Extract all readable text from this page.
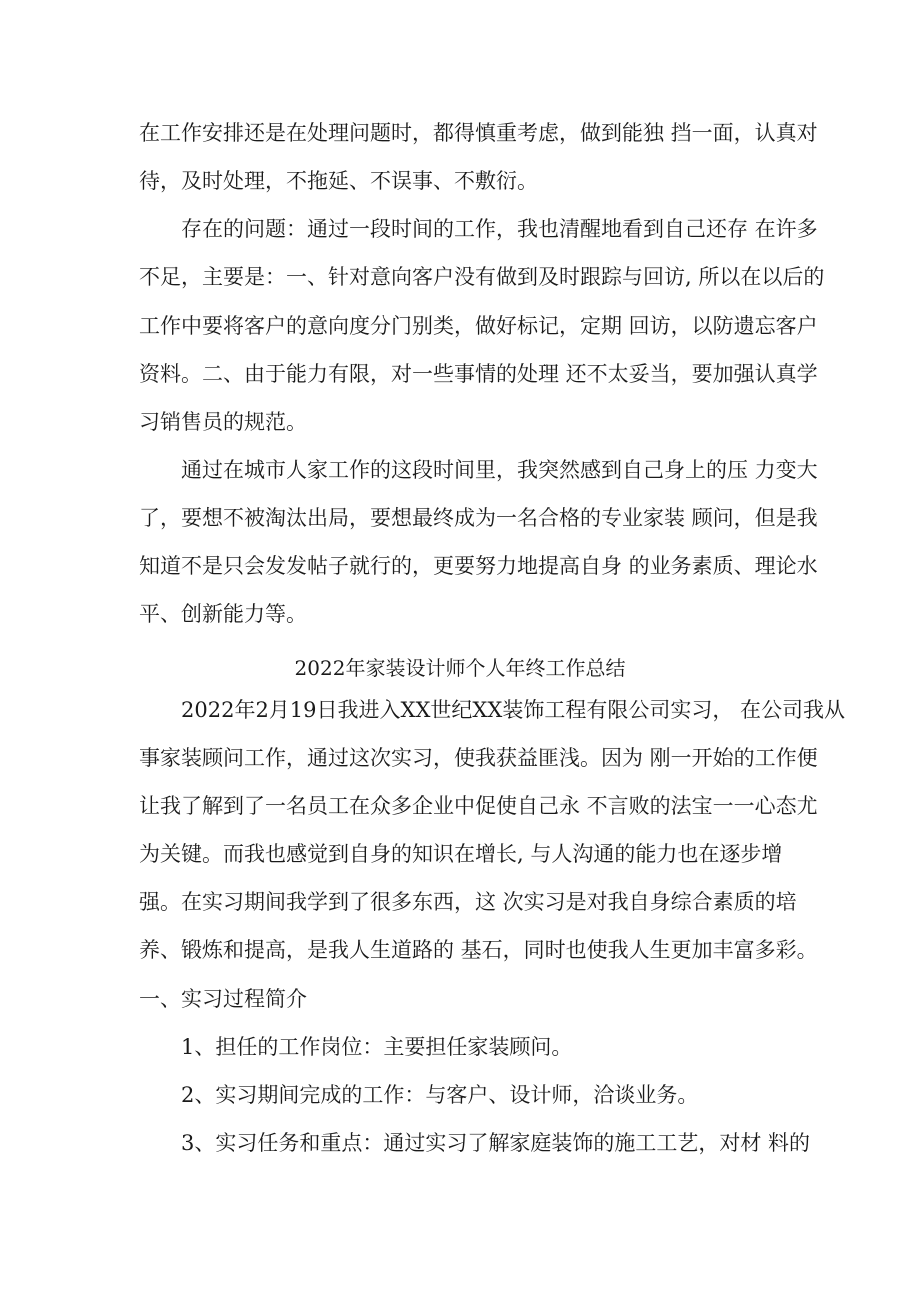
在工作安排还是在处理问题时，都得慎重考虑，做到能独 挡一面，认真对
待，及时处理，不拖延、不误事、不敷衍。
存在的问题：通过一段时间的工作，我也清醒地看到自己还存 在许多
不足，主要是：一、针对意向客户没有做到及时跟踪与回访, 所以在以后的
工作中要将客户的意向度分门别类，做好标记，定期 回访，以防遗忘客户
资料。二、由于能力有限，对一些事情的处理 还不太妥当，要加强认真学
习销售员的规范。
通过在城市人家工作的这段时间里，我突然感到自己身上的压 力变大
了，要想不被淘汰出局，要想最终成为一名合格的专业家装 顾问，但是我
知道不是只会发发帖子就行的，更要努力地提高自身 的业务素质、理论水
平、创新能力等。
2022年家装设计师个人年终工作总结
2022年2月19日我进入XX世纪XX装饰工程有限公司实习， 在公司我从
事家装顾问工作，通过这次实习，使我获益匪浅。因为 刚一开始的工作便
让我了解到了一名员工在众多企业中促使自己永 不言败的法宝一一心态尤
为关键。而我也感觉到自身的知识在增长, 与人沟通的能力也在逐步增
强。在实习期间我学到了很多东西，这 次实习是对我自身综合素质的培
养、锻炼和提高，是我人生道路的 基石，同时也使我人生更加丰富多彩。
一、实习过程简介
1、担任的工作岗位：主要担任家装顾问。
2、实习期间完成的工作：与客户、设计师，洽谈业务。
3、实习任务和重点：通过实习了解家庭装饰的施工工艺，对材 料的
